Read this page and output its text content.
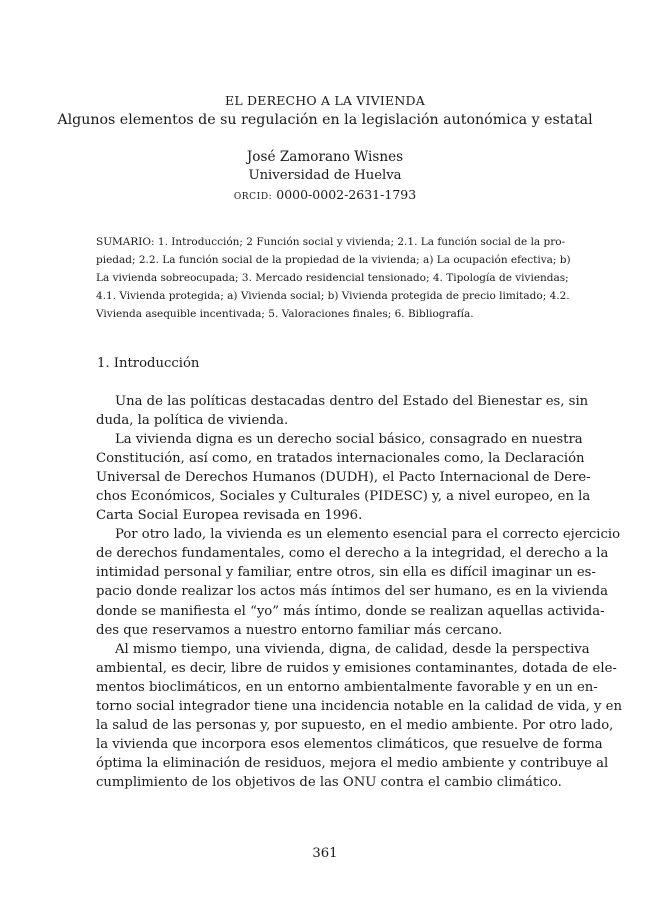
EL DERECHO A LA VIVIENDA
Algunos elementos de su regulación en la legislación autonómica y estatal
José Zamorano Wisnes
Universidad de Huelva
ORCID: 0000-0002-2631-1793
SUMARIO: 1. Introducción; 2 Función social y vivienda; 2.1. La función social de la pro-
piedad; 2.2. La función social de la propiedad de la vivienda; a) La ocupación efectiva; b)
La vivienda sobreocupada; 3. Mercado residencial tensionado; 4. Tipología de viviendas;
4.1. Vivienda protegida; a) Vivienda social; b) Vivienda protegida de precio limitado; 4.2.
Vivienda asequible incentivada; 5. Valoraciones finales; 6. Bibliografía.
1. Introducción
Una de las políticas destacadas dentro del Estado del Bienestar es, sin
duda, la política de vivienda.
La vivienda digna es un derecho social básico, consagrado en nuestra
Constitución, así como, en tratados internacionales como, la Declaración
Universal de Derechos Humanos (DUDH), el Pacto Internacional de Dere-
chos Económicos, Sociales y Culturales (PIDESC) y, a nivel europeo, en la
Carta Social Europea revisada en 1996.
Por otro lado, la vivienda es un elemento esencial para el correcto ejercicio
de derechos fundamentales, como el derecho a la integridad, el derecho a la
intimidad personal y familiar, entre otros, sin ella es difícil imaginar un es-
pacio donde realizar los actos más íntimos del ser humano, es en la vivienda
donde se manifiesta el “yo” más íntimo, donde se realizan aquellas activida-
des que reservamos a nuestro entorno familiar más cercano.
Al mismo tiempo, una vivienda, digna, de calidad, desde la perspectiva
ambiental, es decir, libre de ruidos y emisiones contaminantes, dotada de ele-
mentos bioclimáticos, en un entorno ambientalmente favorable y en un en-
torno social integrador tiene una incidencia notable en la calidad de vida, y en
la salud de las personas y, por supuesto, en el medio ambiente. Por otro lado,
la vivienda que incorpora esos elementos climáticos, que resuelve de forma
óptima la eliminación de residuos, mejora el medio ambiente y contribuye al
cumplimiento de los objetivos de las ONU contra el cambio climático.
361
